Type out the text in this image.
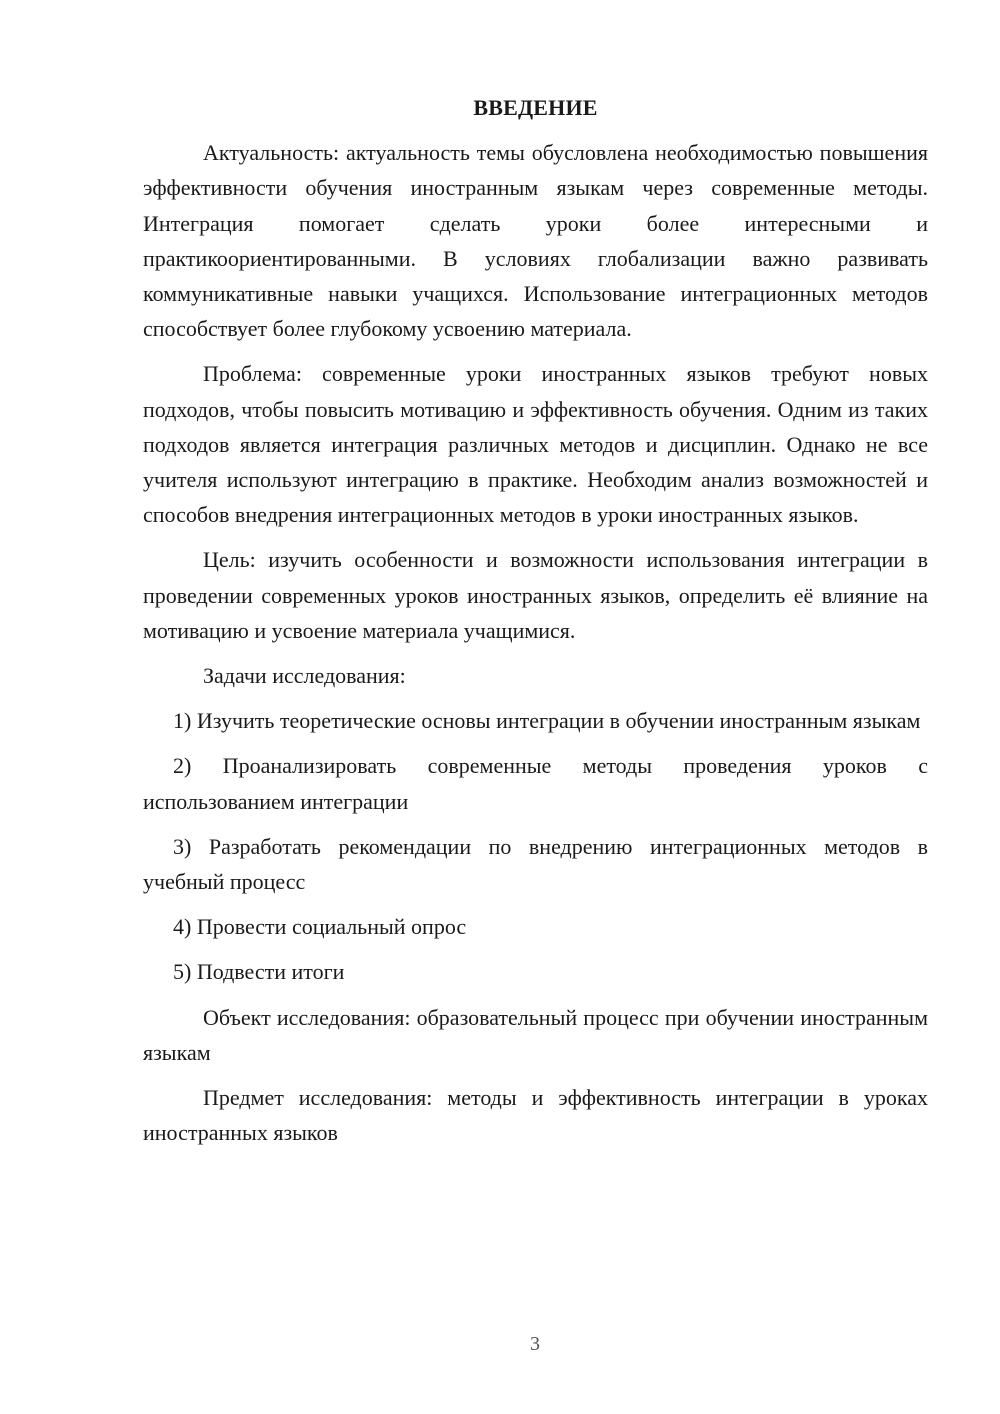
ВВЕДЕНИЕ

Актуальность: актуальность темы обусловлена необходимостью повышения эффективности обучения иностранным языкам через современные методы. Интеграция помогает сделать уроки более интересными и практикоориентированными. В условиях глобализации важно развивать коммуникативные навыки учащихся. Использование интеграционных методов способствует более глубокому усвоению материала.

Проблема: современные уроки иностранных языков требуют новых подходов, чтобы повысить мотивацию и эффективность обучения. Одним из таких подходов является интеграция различных методов и дисциплин. Однако не все учителя используют интеграцию в практике. Необходим анализ возможностей и способов внедрения интеграционных методов в уроки иностранных языков.

Цель: изучить особенности и возможности использования интеграции в проведении современных уроков иностранных языков, определить её влияние на мотивацию и усвоение материала учащимися.

Задачи исследования:

1) Изучить теоретические основы интеграции в обучении иностранным языкам

2) Проанализировать современные методы проведения уроков с использованием интеграции

3) Разработать рекомендации по внедрению интеграционных методов в учебный процесс

4) Провести социальный опрос

5) Подвести итоги

Объект исследования: образовательный процесс при обучении иностранным языкам

Предмет исследования: методы и эффективность интеграции в уроках иностранных языков

3
